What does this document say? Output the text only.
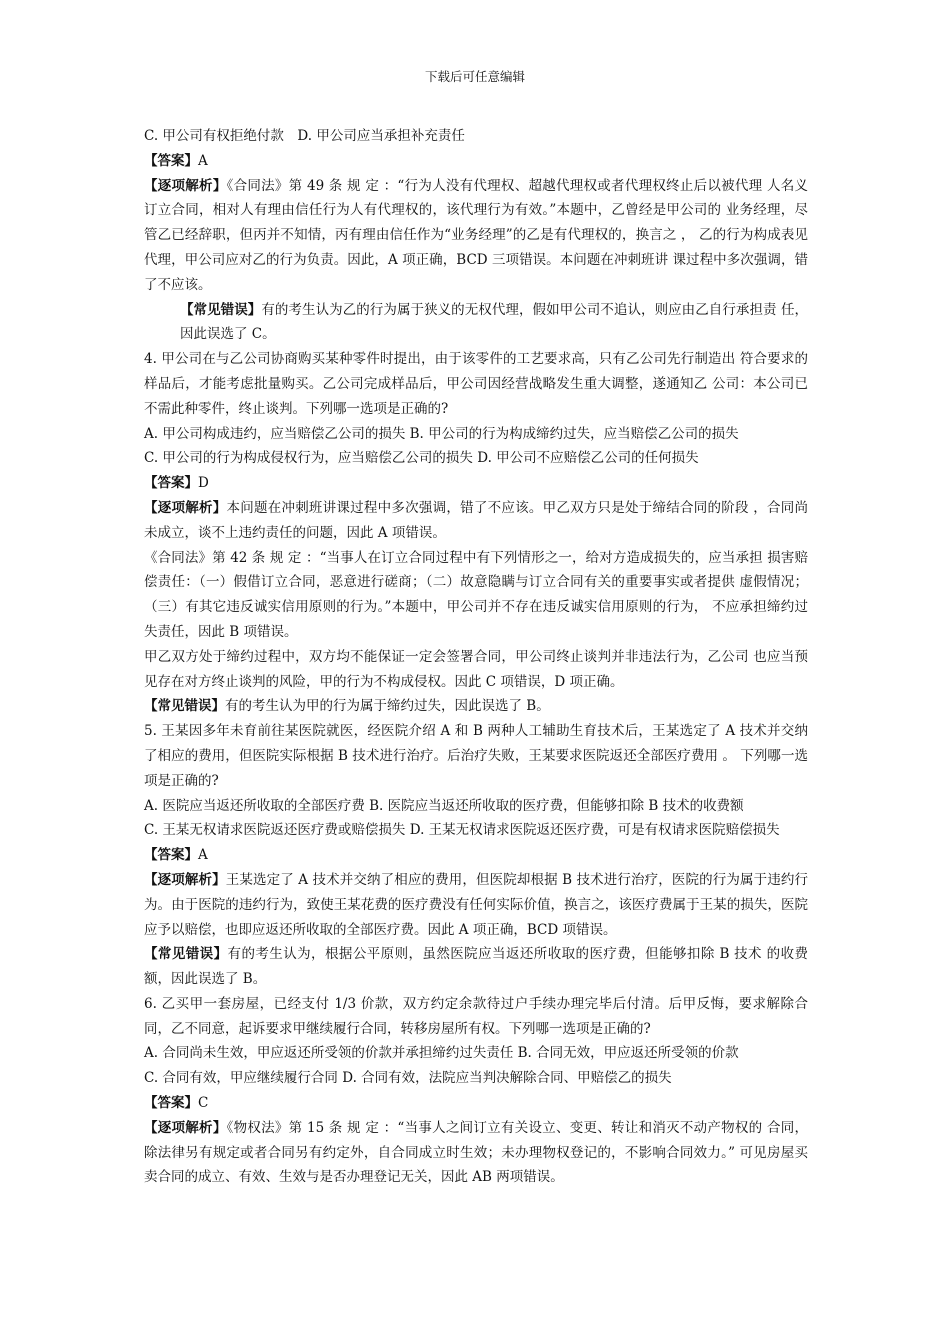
下载后可任意编辑

C. 甲公司有权拒绝付款　D. 甲公司应当承担补充责任

【答案】A

【逐项解析】《合同法》第 49 条 规 定 ：“行为人没有代理权、超越代理权或者代理权终止后以被代理 人名义订立合同，相对人有理由信任行为人有代理权的，该代理行为有效。”本题中，乙曾经是甲公司的 业务经理，尽管乙已经辞职，但丙并不知情，丙有理由信任作为“业务经理”的乙是有代理权的，换言之 ， 乙的行为构成表见代理，甲公司应对乙的行为负责。因此，A 项正确，BCD 三项错误。本问题在冲刺班讲 课过程中多次强调，错了不应该。

【常见错误】有的考生认为乙的行为属于狭义的无权代理，假如甲公司不追认，则应由乙自行承担责 任，因此误选了 C。

4. 甲公司在与乙公司协商购买某种零件时提出，由于该零件的工艺要求高，只有乙公司先行制造出 符合要求的样品后，才能考虑批量购买。乙公司完成样品后，甲公司因经营战略发生重大调整，遂通知乙 公司：本公司已不需此种零件，终止谈判。下列哪一选项是正确的?

A. 甲公司构成违约，应当赔偿乙公司的损失 B. 甲公司的行为构成缔约过失，应当赔偿乙公司的损失

C. 甲公司的行为构成侵权行为，应当赔偿乙公司的损失 D. 甲公司不应赔偿乙公司的任何损失

【答案】D

【逐项解析】本问题在冲刺班讲课过程中多次强调，错了不应该。甲乙双方只是处于缔结合同的阶段 ，合同尚未成立，谈不上违约责任的问题，因此 A 项错误。

《合同法》第 42 条 规 定 ：“当事人在订立合同过程中有下列情形之一，给对方造成损失的，应当承担 损害赔偿责任：（一）假借订立合同，恶意进行磋商；（二）故意隐瞒与订立合同有关的重要事实或者提供 虚假情况；（三）有其它违反诚实信用原则的行为。”本题中，甲公司并不存在违反诚实信用原则的行为， 不应承担缔约过失责任，因此 B 项错误。

甲乙双方处于缔约过程中，双方均不能保证一定会签署合同，甲公司终止谈判并非违法行为，乙公司 也应当预见存在对方终止谈判的风险，甲的行为不构成侵权。因此 C 项错误，D 项正确。

【常见错误】有的考生认为甲的行为属于缔约过失，因此误选了 B。

5. 王某因多年未育前往某医院就医，经医院介绍 A 和 B 两种人工辅助生育技术后，王某选定了 A 技术并交纳了相应的费用，但医院实际根据 B 技术进行治疗。后治疗失败，王某要求医院返还全部医疗费用 。 下列哪一选项是正确的?

A. 医院应当返还所收取的全部医疗费 B. 医院应当返还所收取的医疗费，但能够扣除 B 技术的收费额

C. 王某无权请求医院返还医疗费或赔偿损失 D. 王某无权请求医院返还医疗费，可是有权请求医院赔偿损失

【答案】A

【逐项解析】王某选定了 A 技术并交纳了相应的费用，但医院却根据 B 技术进行治疗，医院的行为属于违约行为。由于医院的违约行为，致使王某花费的医疗费没有任何实际价值，换言之，该医疗费属于王某的损失，医院应予以赔偿，也即应返还所收取的全部医疗费。因此 A 项正确，BCD 项错误。

【常见错误】有的考生认为，根据公平原则，虽然医院应当返还所收取的医疗费，但能够扣除 B 技术 的收费额，因此误选了 B。

6. 乙买甲一套房屋，已经支付 1/3 价款，双方约定余款待过户手续办理完毕后付清。后甲反悔，要求解除合同，乙不同意，起诉要求甲继续履行合同，转移房屋所有权。下列哪一选项是正确的?

A. 合同尚未生效，甲应返还所受领的价款并承担缔约过失责任 B. 合同无效，甲应返还所受领的价款

C. 合同有效，甲应继续履行合同 D. 合同有效，法院应当判决解除合同、甲赔偿乙的损失

【答案】C

【逐项解析】《物权法》第 15 条 规 定 ：“当事人之间订立有关设立、变更、转让和消灭不动产物权的 合同，除法律另有规定或者合同另有约定外，自合同成立时生效；未办理物权登记的，不影响合同效力。” 可见房屋买卖合同的成立、有效、生效与是否办理登记无关，因此 AB 两项错误。
